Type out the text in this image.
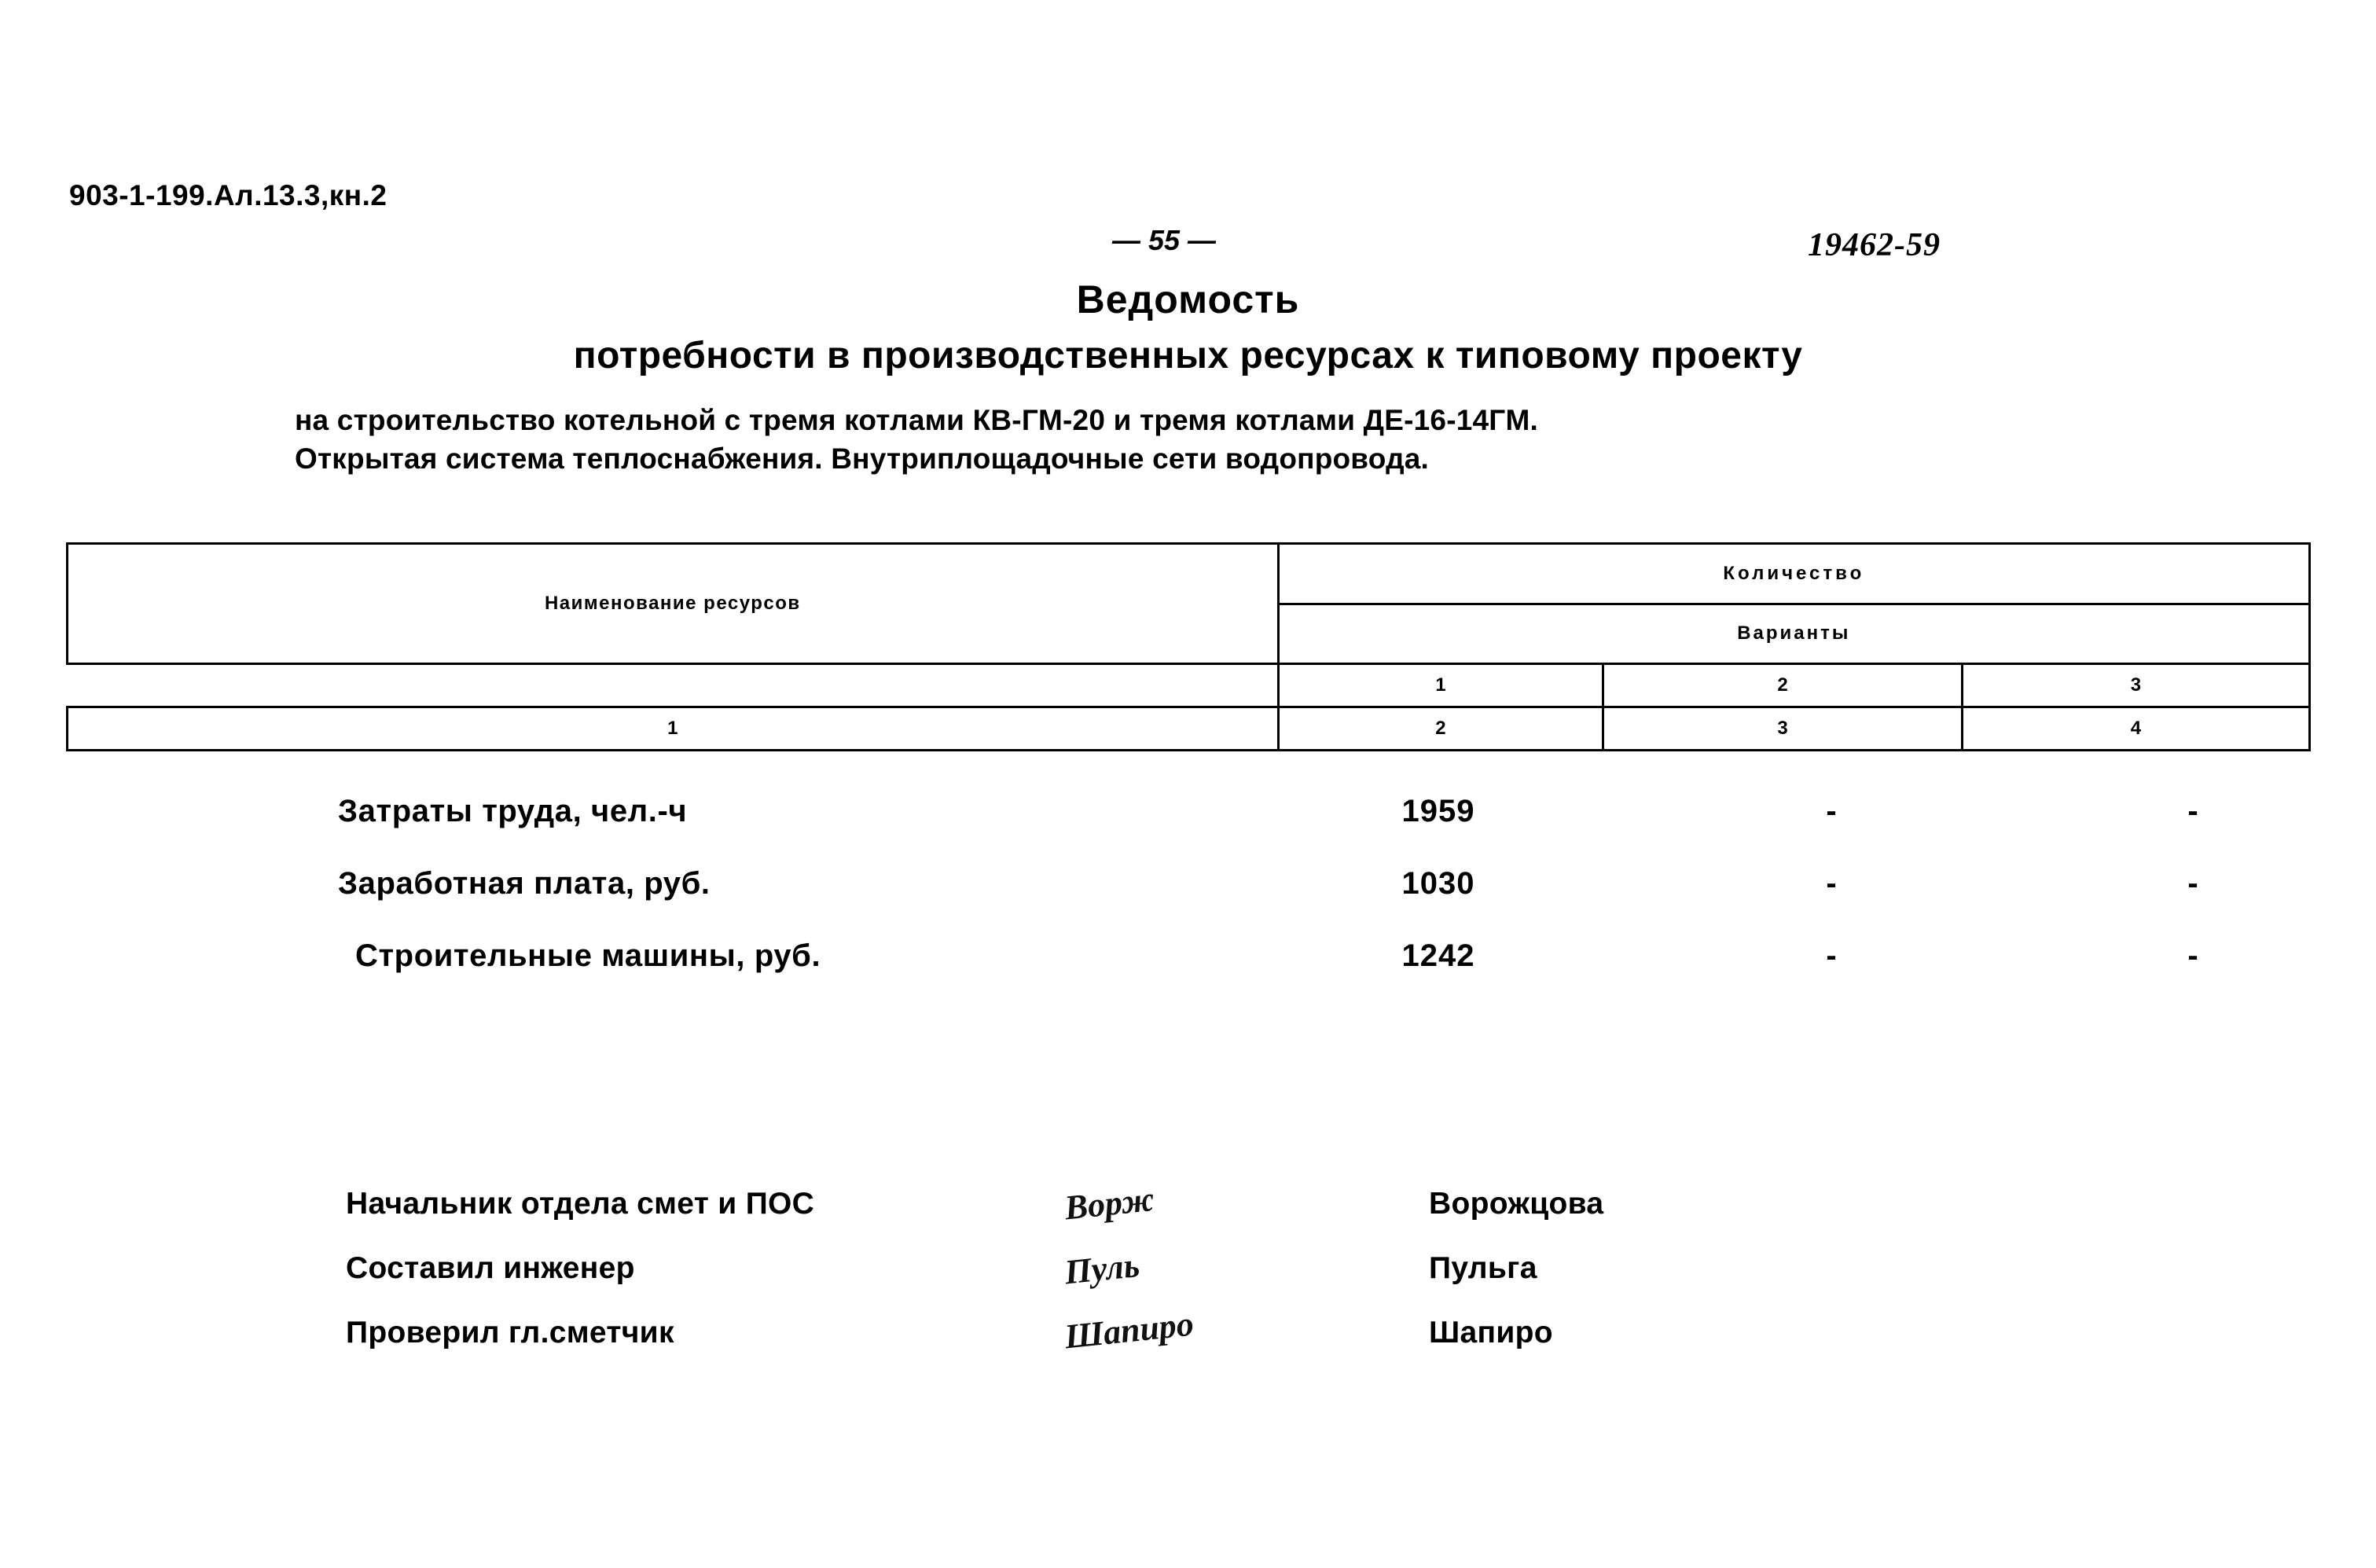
903-1-199.Ал.13.3,кн.2
— 55 —	19462-59
Ведомость
потребности в производственных ресурсах к типовому проекту
на строительство котельной с тремя котлами КВ-ГМ-20 и тремя котлами ДЕ-16-14ГМ.
Открытая система теплоснабжения. Внутриплощадочные сети водопровода.
Наименование ресурсов	Количество		
	Варианты		
	1	2	3
1	2	3	4
Затраты труда, чел.-ч	1959	-	-
Заработная плата, руб.	1030	-	-
Строительные машины, руб.	1242	-	-
Начальник отдела смет и ПОС	Ворж	Ворожцова
Составил инженер	Пуль	Пульга
Проверил гл.сметчик	Шапиро	Шапиро
